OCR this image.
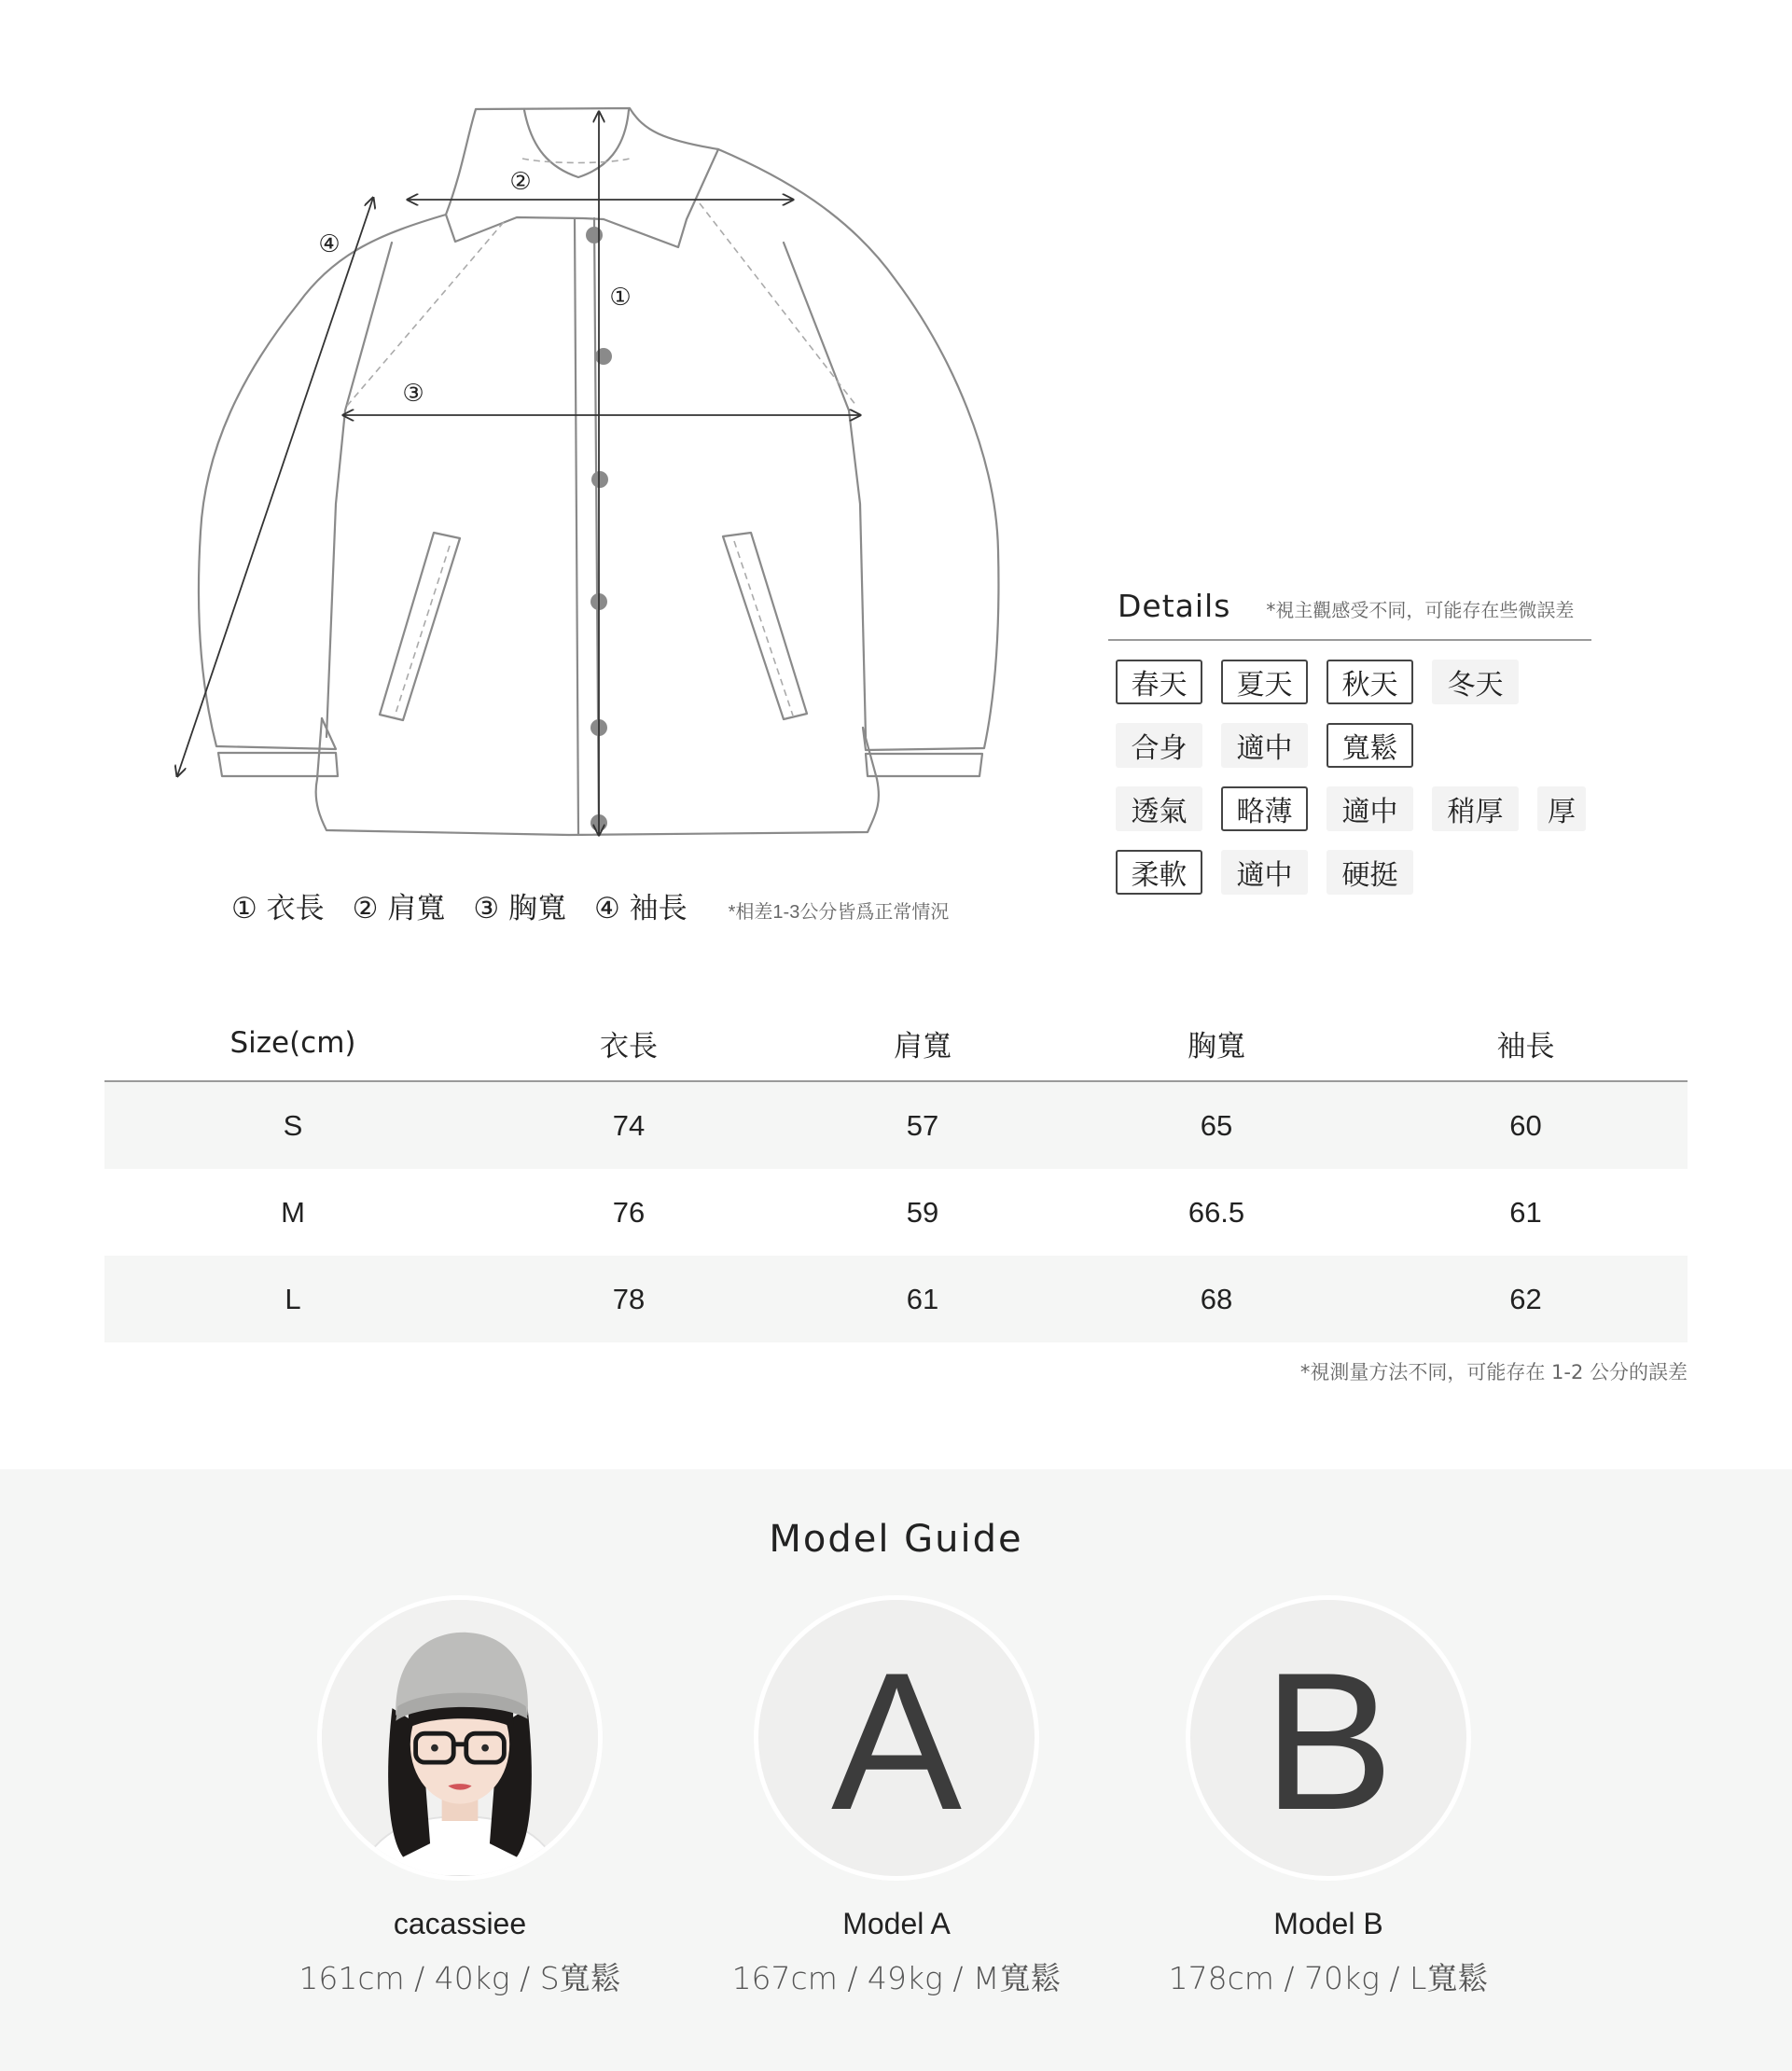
②
④
①
③
① 衣長 ② 肩寬 ③ 胸寬 ④ 袖長 *相差1-3公分皆爲正常情況
Details *視主觀感受不同，可能存在些微誤差
春天	夏天	秋天	冬天
合身	適中	寬鬆
透氣	略薄	適中	稍厚	厚
柔軟	適中	硬挺
Size(cm)	衣長	肩寬	胸寬	袖長
S	74	57	65	60
M	76	59	66.5	61
L	78	61	68	62
*視測量方法不同，可能存在 1-2 公分的誤差
Model Guide
cacassiee
161cm / 40kg / S寬鬆
A
Model A
167cm / 49kg / M寬鬆
B
Model B
178cm / 70kg / L寬鬆
